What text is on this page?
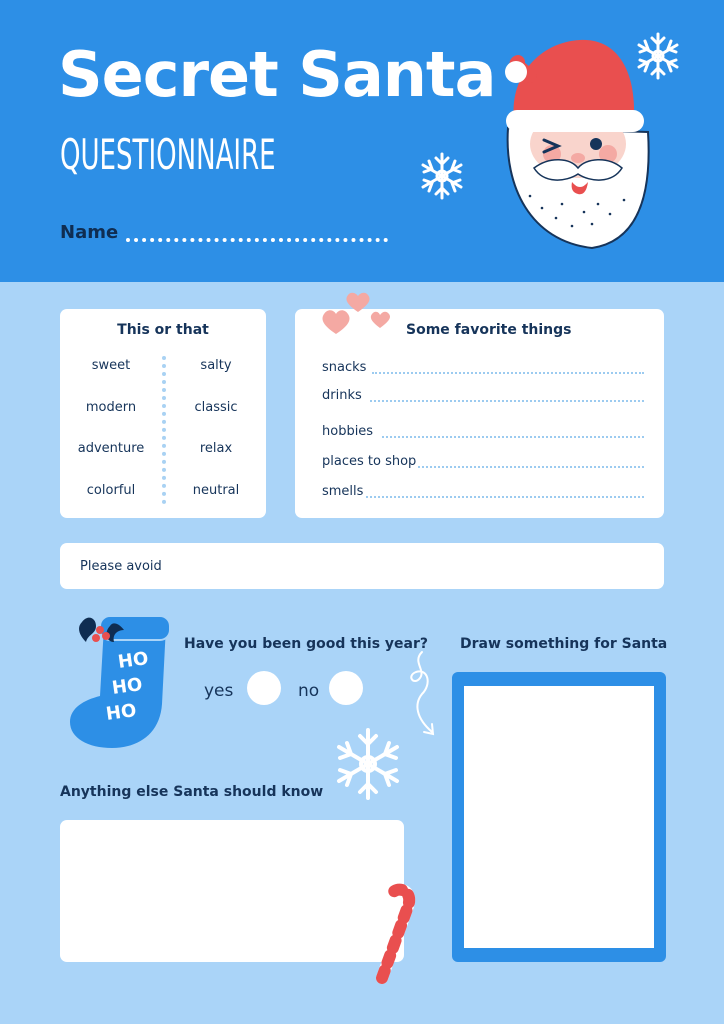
Secret Santa
QUESTIONNAIRE
Name
This or that
sweet	salty
modern	classic
adventure	relax
colorful	neutral
Some favorite things
snacks
drinks
hobbies
places to shop
smells
Please avoid
HO
HO
HO
Have you been good this year?
yes	no
Draw something for Santa
Anything else Santa should know
